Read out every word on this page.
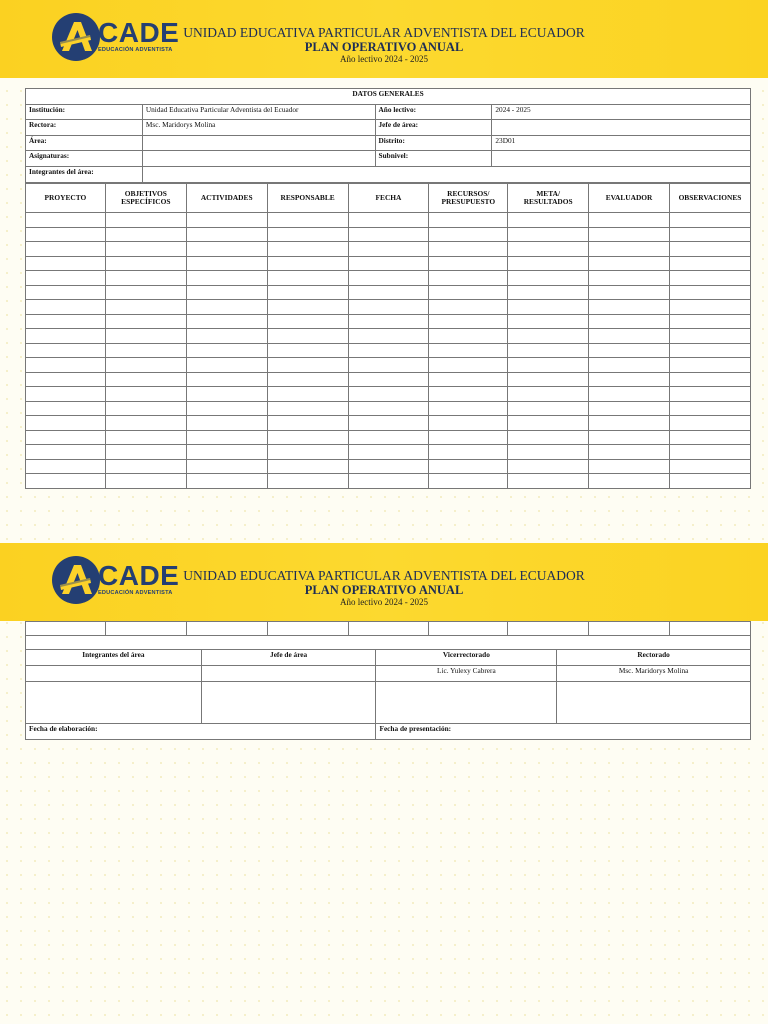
CADE
EDUCACIÓN ADVENTISTA
UNIDAD EDUCATIVA PARTICULAR ADVENTISTA DEL ECUADOR
PLAN OPERATIVO ANUAL
Año lectivo 2024 - 2025
DATOS GENERALES			
Institución:	Unidad Educativa Particular Adventista del Ecuador	Año lectivo:	2024 - 2025
Rectora:	Msc. Maridorys Molina	Jefe de área:	
Área:		Distrito:	23D01
Asignaturas:		Subnivel:	
Integrantes del área:			
PROYECTO	OBJETIVOS ESPECÍFICOS	ACTIVIDADES	RESPONSABLE	FECHA	RECURSOS/ PRESUPUESTO	META/ RESULTADOS	EVALUADOR	OBSERVACIONES

CADE
EDUCACIÓN ADVENTISTA
UNIDAD EDUCATIVA PARTICULAR ADVENTISTA DEL ECUADOR
PLAN OPERATIVO ANUAL
Año lectivo 2024 - 2025

Integrantes del área	Jefe de área	Vicerrectorado	Rectorado
		Lic. Yulexy Cabrera	Msc. Maridorys Molina

Fecha de elaboración:		Fecha de presentación:	
